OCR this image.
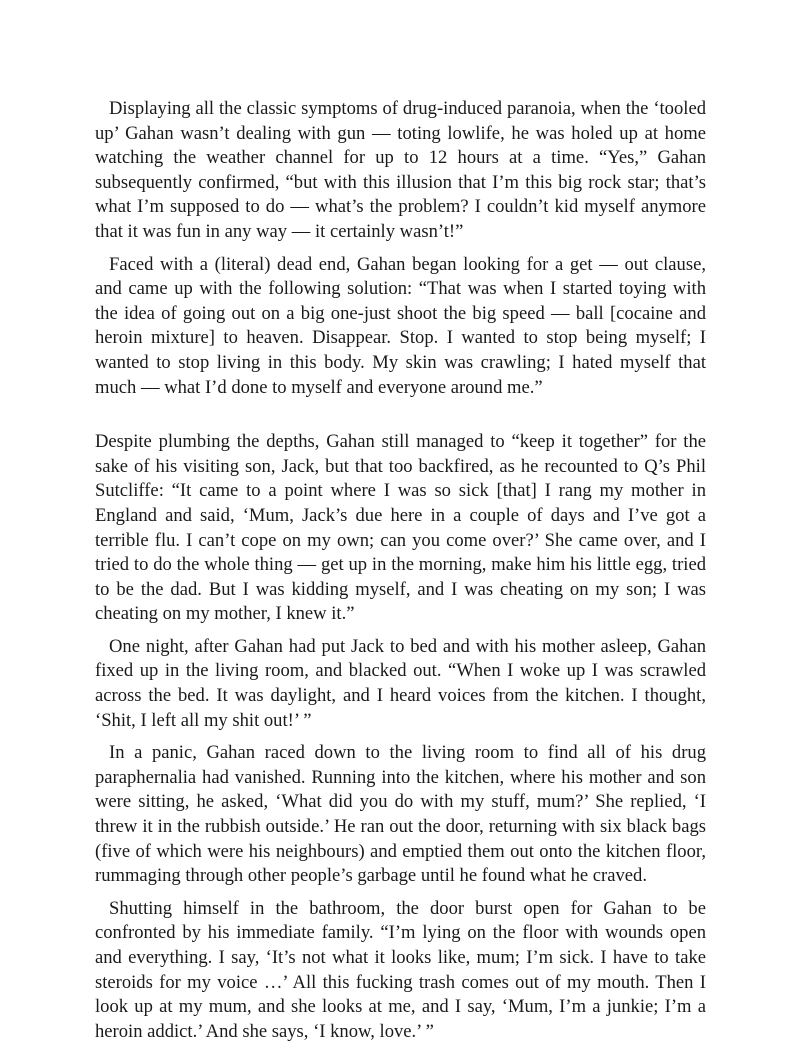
Displaying all the classic symptoms of drug-induced paranoia, when the ‘tooled up’ Gahan wasn’t dealing with gun — toting lowlife, he was holed up at home watching the weather channel for up to 12 hours at a time. “Yes,” Gahan subsequently confirmed, “but with this illusion that I’m this big rock star; that’s what I’m supposed to do — what’s the problem? I couldn’t kid myself anymore that it was fun in any way — it certainly wasn’t!”

Faced with a (literal) dead end, Gahan began looking for a get — out clause, and came up with the following solution: “That was when I started toying with the idea of going out on a big one-just shoot the big speed — ball [cocaine and heroin mixture] to heaven. Disappear. Stop. I wanted to stop being myself; I wanted to stop living in this body. My skin was crawling; I hated myself that much — what I’d done to myself and everyone around me.”

Despite plumbing the depths, Gahan still managed to “keep it together” for the sake of his visiting son, Jack, but that too backfired, as he recounted to Q’s Phil Sutcliffe: “It came to a point where I was so sick [that] I rang my mother in England and said, ‘Mum, Jack’s due here in a couple of days and I’ve got a terrible flu. I can’t cope on my own; can you come over?’ She came over, and I tried to do the whole thing — get up in the morning, make him his little egg, tried to be the dad. But I was kidding myself, and I was cheating on my son; I was cheating on my mother, I knew it.”

One night, after Gahan had put Jack to bed and with his mother asleep, Gahan fixed up in the living room, and blacked out. “When I woke up I was scrawled across the bed. It was daylight, and I heard voices from the kitchen. I thought, ‘Shit, I left all my shit out!’ ”

In a panic, Gahan raced down to the living room to find all of his drug paraphernalia had vanished. Running into the kitchen, where his mother and son were sitting, he asked, ‘What did you do with my stuff, mum?’ She replied, ‘I threw it in the rubbish outside.’ He ran out the door, returning with six black bags (five of which were his neighbours) and emptied them out onto the kitchen floor, rummaging through other people’s garbage until he found what he craved.

Shutting himself in the bathroom, the door burst open for Gahan to be confronted by his immediate family. “I’m lying on the floor with wounds open and everything. I say, ‘It’s not what it looks like, mum; I’m sick. I have to take steroids for my voice …’ All this fucking trash comes out of my mouth. Then I look up at my mum, and she looks at me, and I say, ‘Mum, I’m a junkie; I’m a heroin addict.’ And she says, ‘I know, love.’ ”
